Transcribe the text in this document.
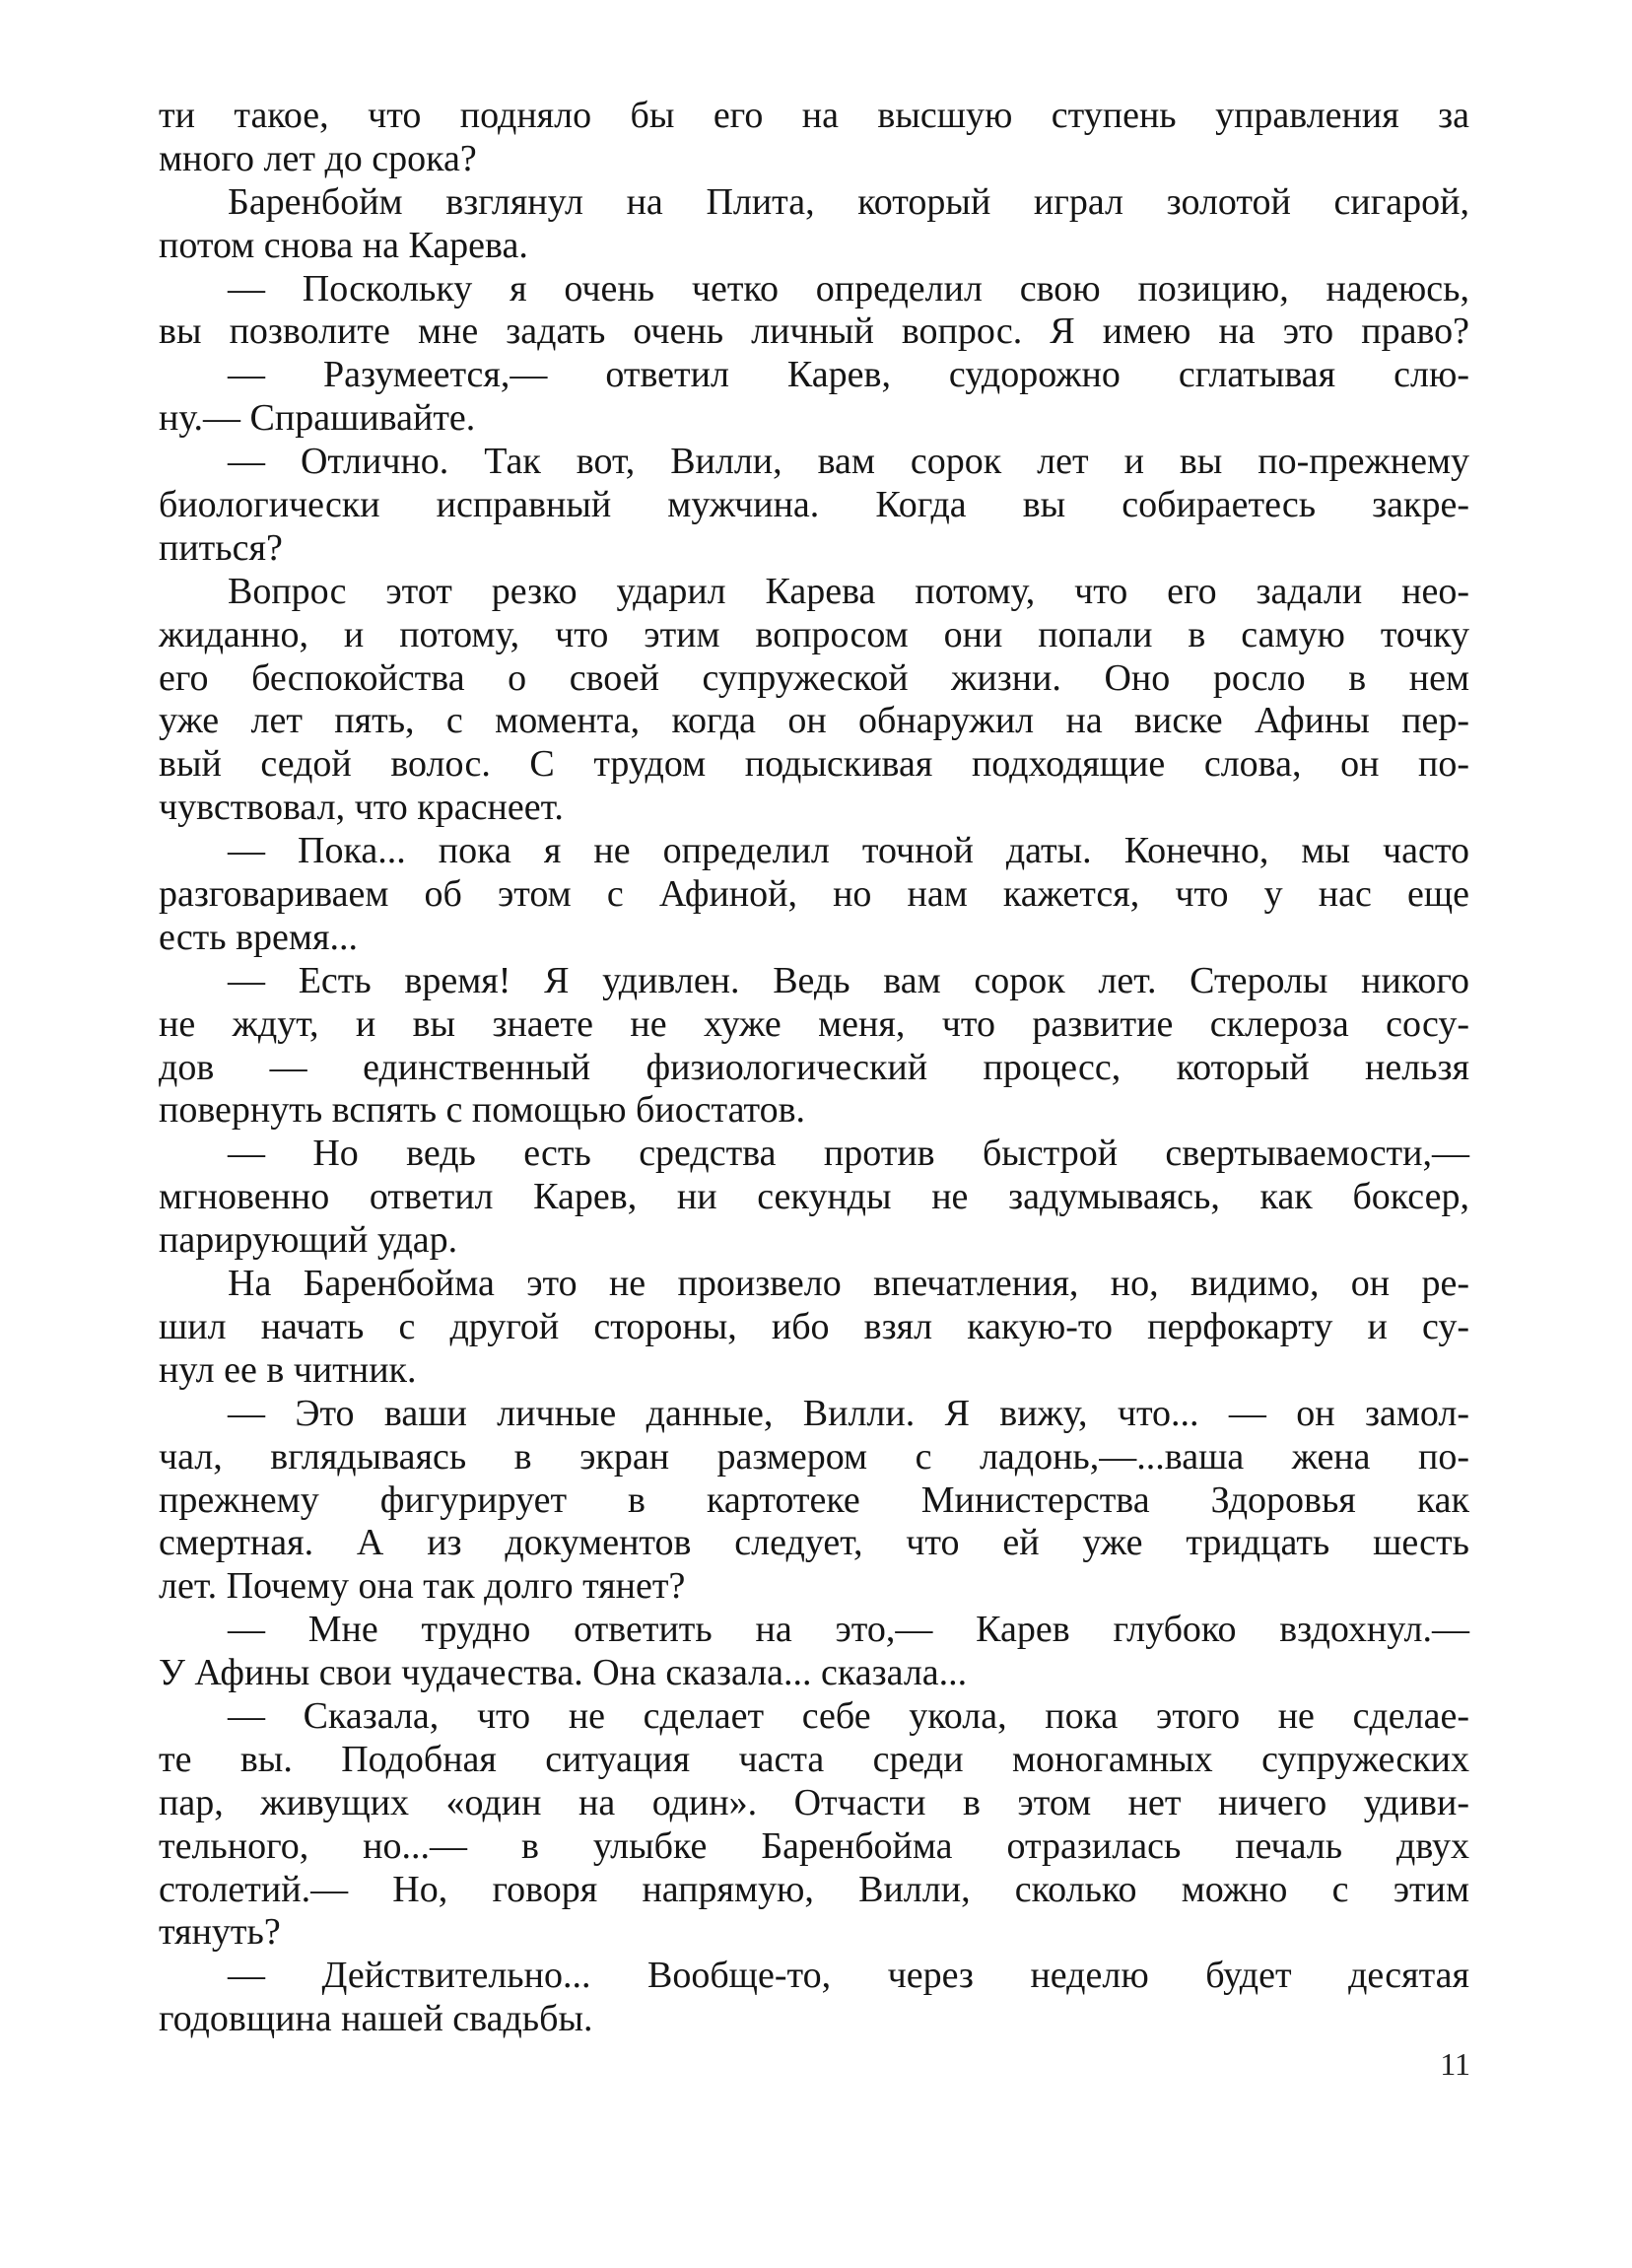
ти такое, что подняло бы его на высшую ступень управления за
много лет до срока?
Баренбойм взглянул на Плита, который играл золотой сигарой,
потом снова на Карева.
— Поскольку я очень четко определил свою позицию, надеюсь,
вы позволите мне задать очень личный вопрос. Я имею на это право?
— Разумеется,— ответил Карев, судорожно сглатывая слю-
ну.— Спрашивайте.
— Отлично. Так вот, Вилли, вам сорок лет и вы по-прежнему
биологически исправный мужчина. Когда вы собираетесь закре-
питься?
Вопрос этот резко ударил Карева потому, что его задали нео-
жиданно, и потому, что этим вопросом они попали в самую точку
его беспокойства о своей супружеской жизни. Оно росло в нем
уже лет пять, с момента, когда он обнаружил на виске Афины пер-
вый седой волос. С трудом подыскивая подходящие слова, он по-
чувствовал, что краснеет.
— Пока... пока я не определил точной даты. Конечно, мы часто
разговариваем об этом с Афиной, но нам кажется, что у нас еще
есть время...
— Есть время! Я удивлен. Ведь вам сорок лет. Стеролы никого
не ждут, и вы знаете не хуже меня, что развитие склероза сосу-
дов — единственный физиологический процесс, который нельзя
повернуть вспять с помощью биостатов.
— Но ведь есть средства против быстрой свертываемости,—
мгновенно ответил Карев, ни секунды не задумываясь, как боксер,
парирующий удар.
На Баренбойма это не произвело впечатления, но, видимо, он ре-
шил начать с другой стороны, ибо взял какую-то перфокарту и су-
нул ее в читник.
— Это ваши личные данные, Вилли. Я вижу, что... — он замол-
чал, вглядываясь в экран размером с ладонь,—...ваша жена по-
прежнему фигурирует в картотеке Министерства Здоровья как
смертная. А из документов следует, что ей уже тридцать шесть
лет. Почему она так долго тянет?
— Мне трудно ответить на это,— Карев глубоко вздохнул.—
У Афины свои чудачества. Она сказала... сказала...
— Сказала, что не сделает себе укола, пока этого не сделае-
те вы. Подобная ситуация часта среди моногамных супружеских
пар, живущих «один на один». Отчасти в этом нет ничего удиви-
тельного, но...— в улыбке Баренбойма отразилась печаль двух
столетий.— Но, говоря напрямую, Вилли, сколько можно с этим
тянуть?
— Действительно... Вообще-то, через неделю будет десятая
годовщина нашей свадьбы.
11
